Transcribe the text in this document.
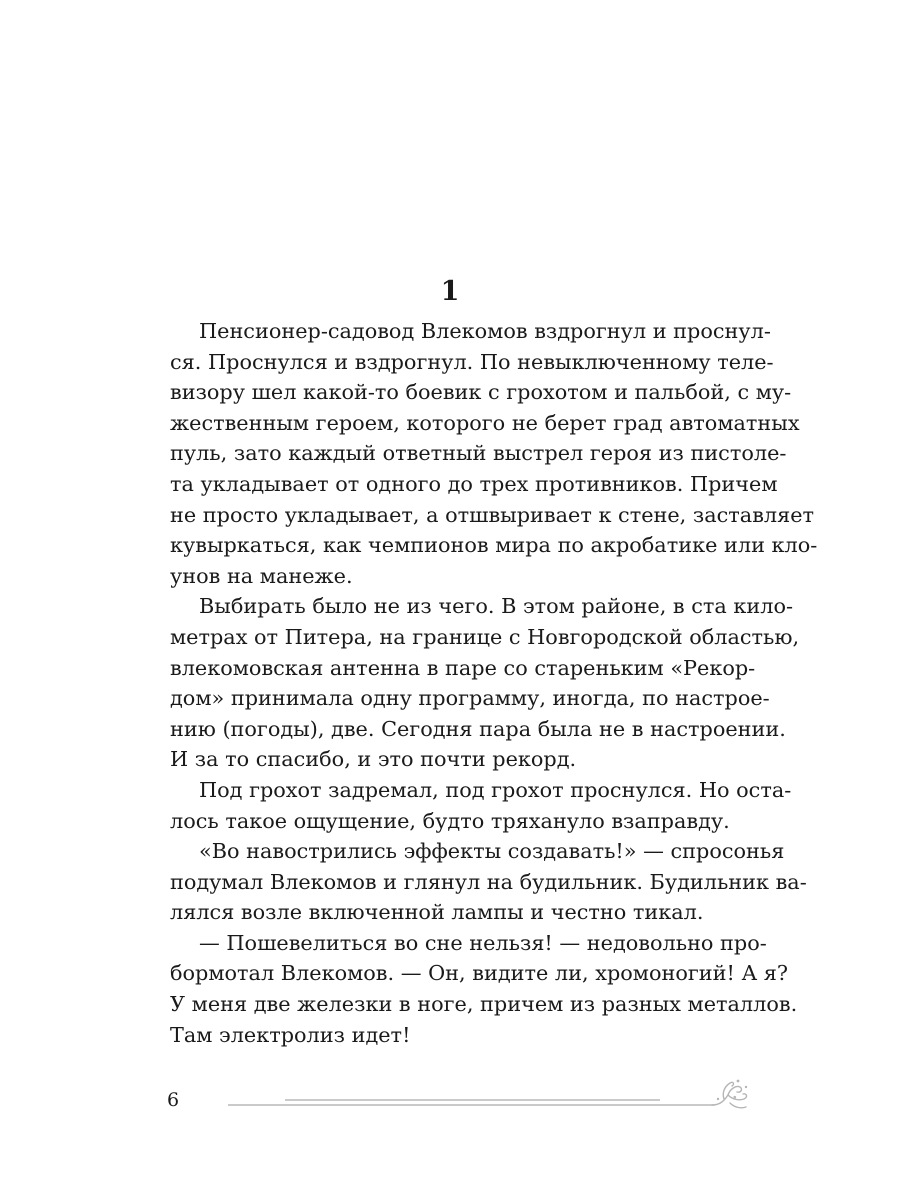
1
Пенсионер-садовод Влекомов вздрогнул и проснул-
ся. Проснулся и вздрогнул. По невыключенному теле-
визору шел какой-то боевик с грохотом и пальбой, с му-
жественным героем, которого не берет град автоматных
пуль, зато каждый ответный выстрел героя из пистоле-
та укладывает от одного до трех противников. Причем
не просто укладывает, а отшвыривает к стене, заставляет
кувыркаться, как чемпионов мира по акробатике или кло-
унов на манеже.
Выбирать было не из чего. В этом районе, в ста кило-
метрах от Питера, на границе с Новгородской областью,
влекомовская антенна в паре со стареньким «Рекор-
дом» принимала одну программу, иногда, по настрое-
нию (погоды), две. Сегодня пара была не в настроении.
И за то спасибо, и это почти рекорд.
Под грохот задремал, под грохот проснулся. Но оста-
лось такое ощущение, будто тряхануло взаправду.
«Во навострились эффекты создавать!» — спросонья
подумал Влекомов и глянул на будильник. Будильник ва-
лялся возле включенной лампы и честно тикал.
— Пошевелиться во сне нельзя! — недовольно про-
бормотал Влекомов. — Он, видите ли, хромоногий! А я?
У меня две железки в ноге, причем из разных металлов.
Там электролиз идет!
6
